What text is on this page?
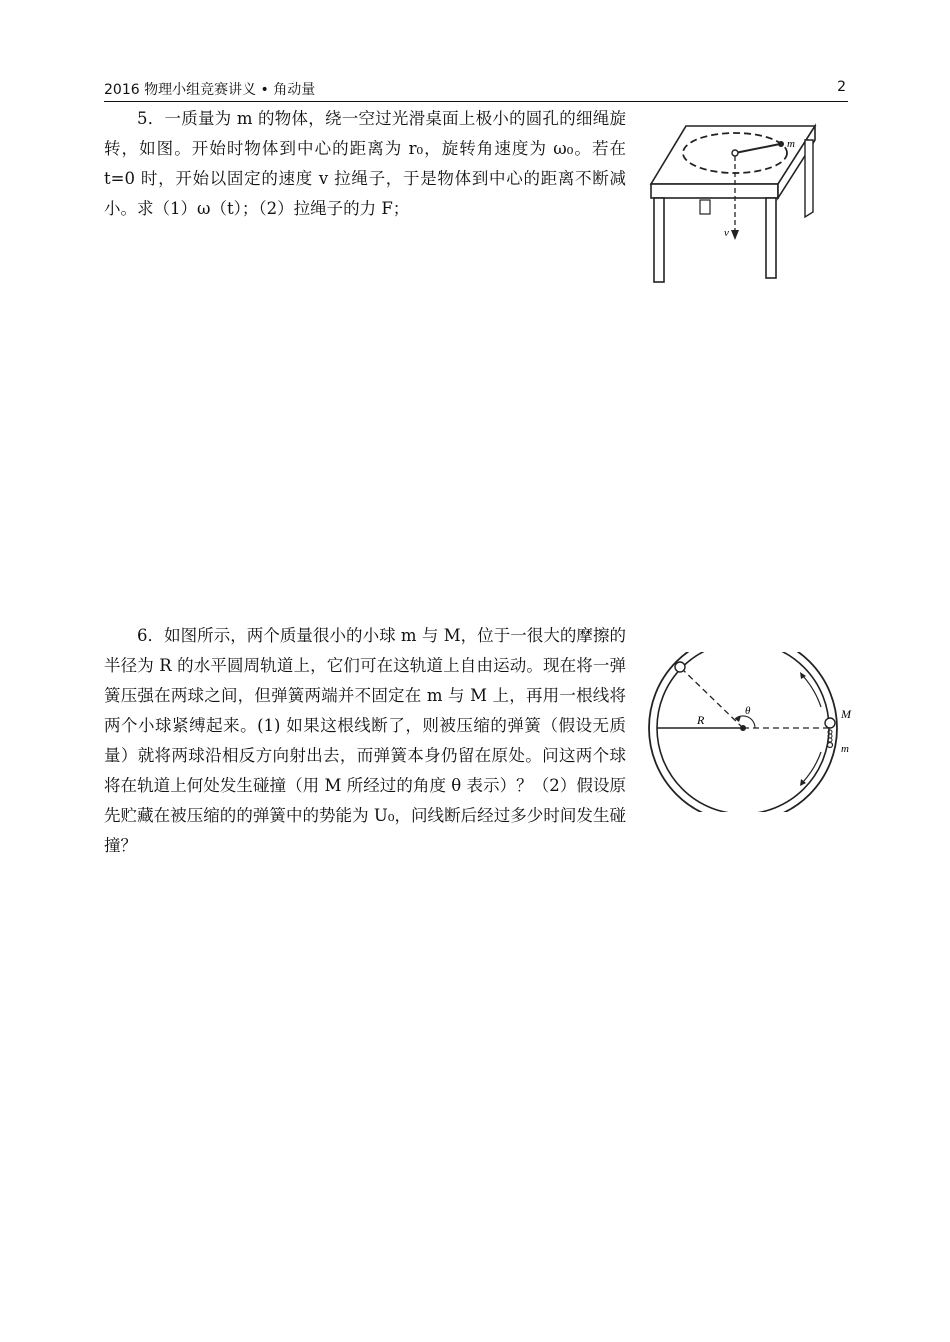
2016 物理小组竞赛讲义 • 角动量	2

5．一质量为 m 的物体，绕一空过光滑桌面上极小的圆孔的细绳旋转，如图。开始时物体到中心的距离为 r₀，旋转角速度为 ω₀。若在 t=0 时，开始以固定的速度 v 拉绳子，于是物体到中心的距离不断减小。求（1）ω（t）；（2）拉绳子的力 F；

m
v

6．如图所示，两个质量很小的小球 m 与 M，位于一很大的摩擦的半径为 R 的水平圆周轨道上，它们可在这轨道上自由运动。现在将一弹簧压强在两球之间，但弹簧两端并不固定在 m 与 M 上，再用一根线将两个小球紧缚起来。(1) 如果这根线断了，则被压缩的弹簧（假设无质量）就将两球沿相反方向射出去，而弹簧本身仍留在原处。问这两个球将在轨道上何处发生碰撞（用 M 所经过的角度 θ 表示）？（2）假设原先贮藏在被压缩的的弹簧中的势能为 U₀，问线断后经过多少时间发生碰撞？

R
θ	M
m
